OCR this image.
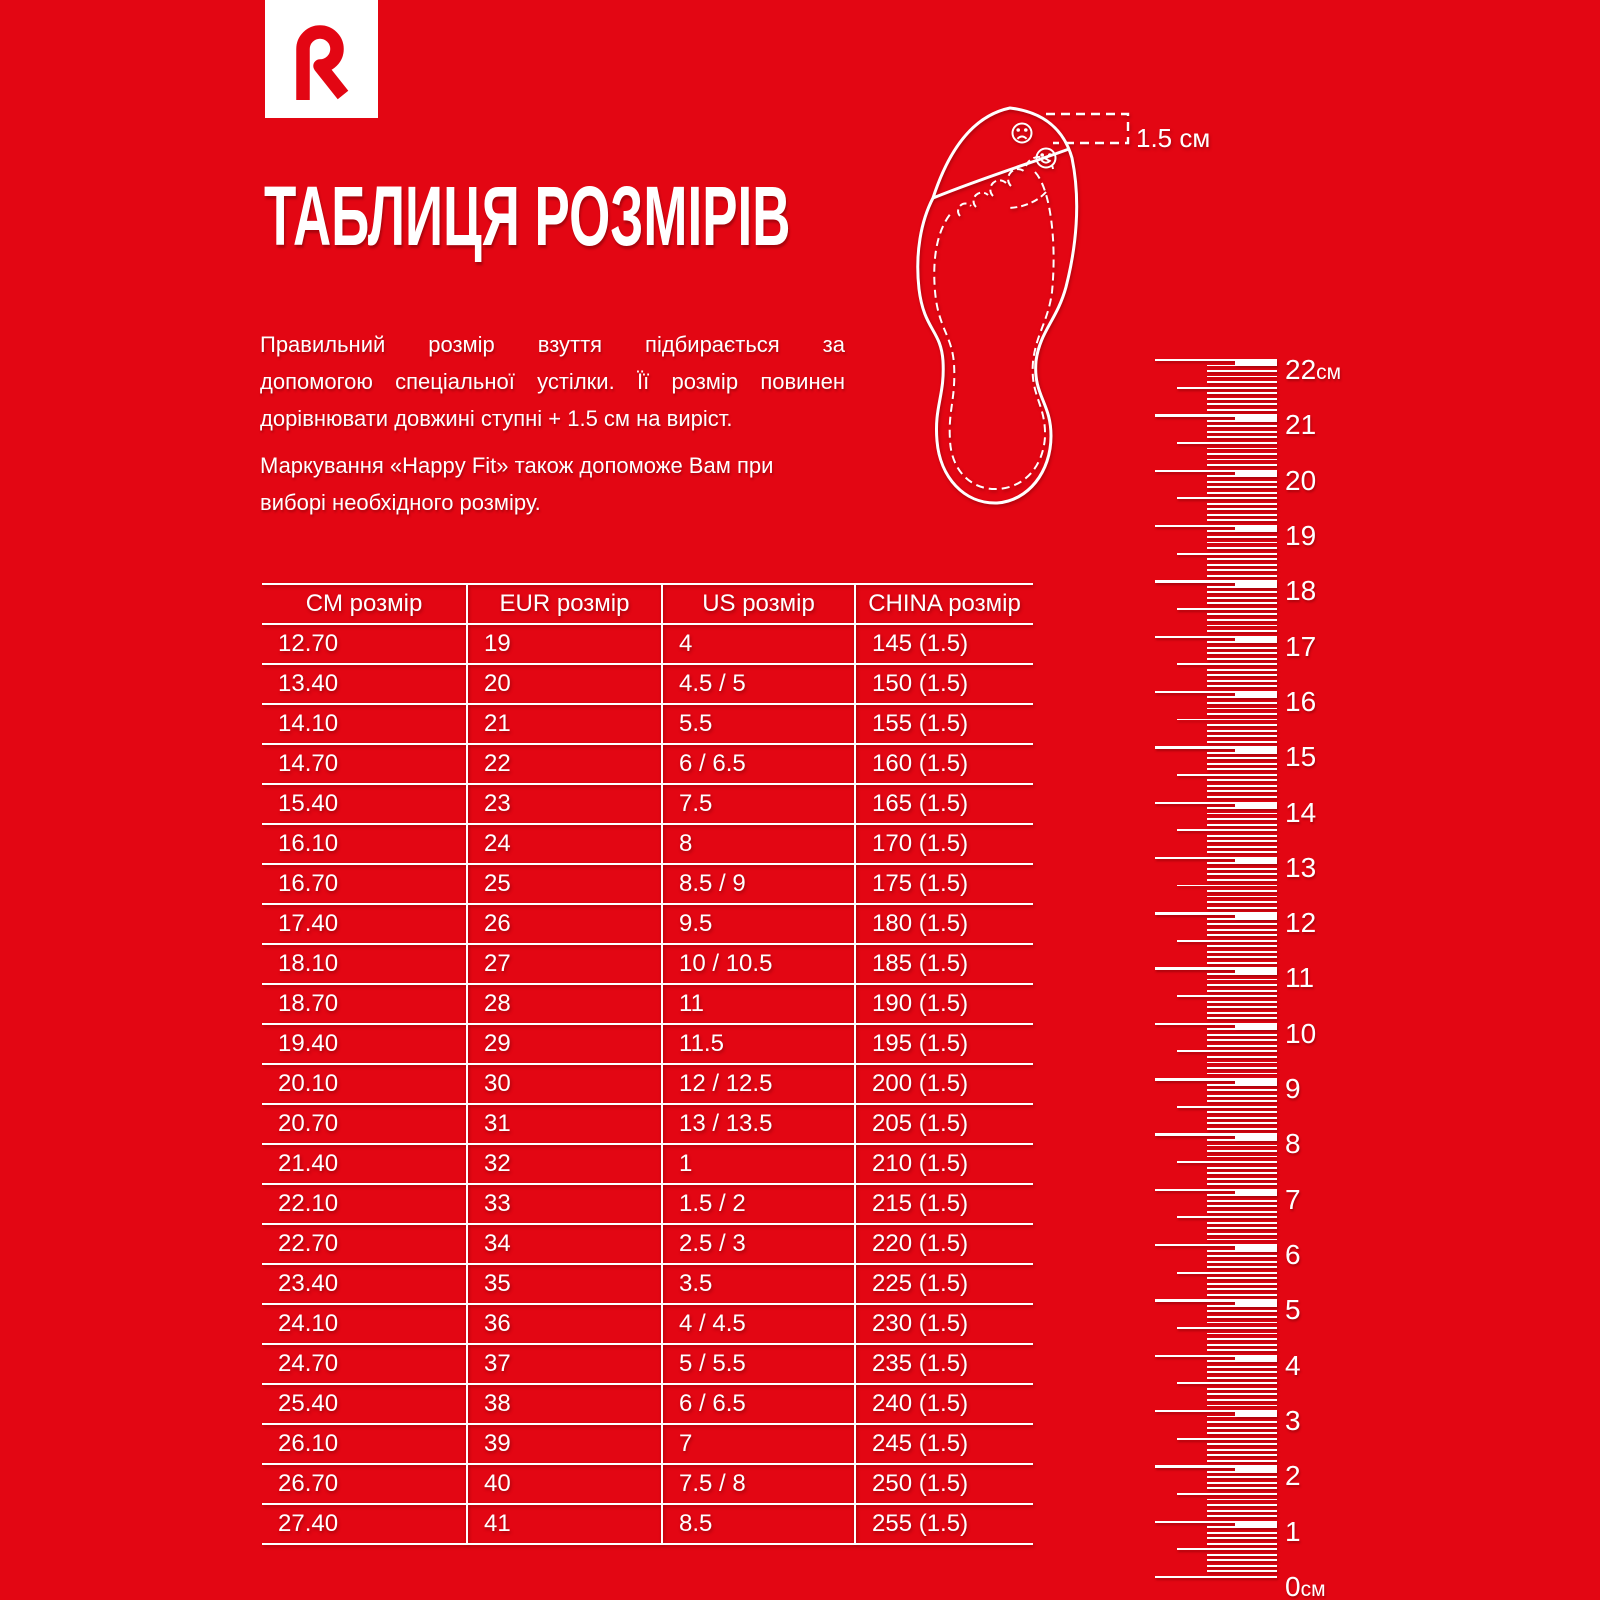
ТАБЛИЦЯ РОЗМІРІВ
Правильний розмір взуття підбирається за
допомогою спеціальної устілки. Її розмір повинен
дорівнювати довжині ступні + 1.5 см на виріст.
Маркування «Happy Fit» також допоможе Вам при
виборі необхідного розміру.
1.5 см
CM розмір	EUR розмір	US розмір	CHINA розмір
12.70	19	4	145 (1.5)
13.40	20	4.5 / 5	150 (1.5)
14.10	21	5.5	155 (1.5)
14.70	22	6 / 6.5	160 (1.5)
15.40	23	7.5	165 (1.5)
16.10	24	8	170 (1.5)
16.70	25	8.5 / 9	175 (1.5)
17.40	26	9.5	180 (1.5)
18.10	27	10 / 10.5	185 (1.5)
18.70	28	11	190 (1.5)
19.40	29	11.5	195 (1.5)
20.10	30	12 / 12.5	200 (1.5)
20.70	31	13 / 13.5	205 (1.5)
21.40	32	1	210 (1.5)
22.10	33	1.5 / 2	215 (1.5)
22.70	34	2.5 / 3	220 (1.5)
23.40	35	3.5	225 (1.5)
24.10	36	4 / 4.5	230 (1.5)
24.70	37	5 / 5.5	235 (1.5)
25.40	38	6 / 6.5	240 (1.5)
26.10	39	7	245 (1.5)
26.70	40	7.5 / 8	250 (1.5)
27.40	41	8.5	255 (1.5)
22см
21
20
19
18
17
16
15
14
13
12
11
10
9
8
7
6
5
4
3
2
1
0см
